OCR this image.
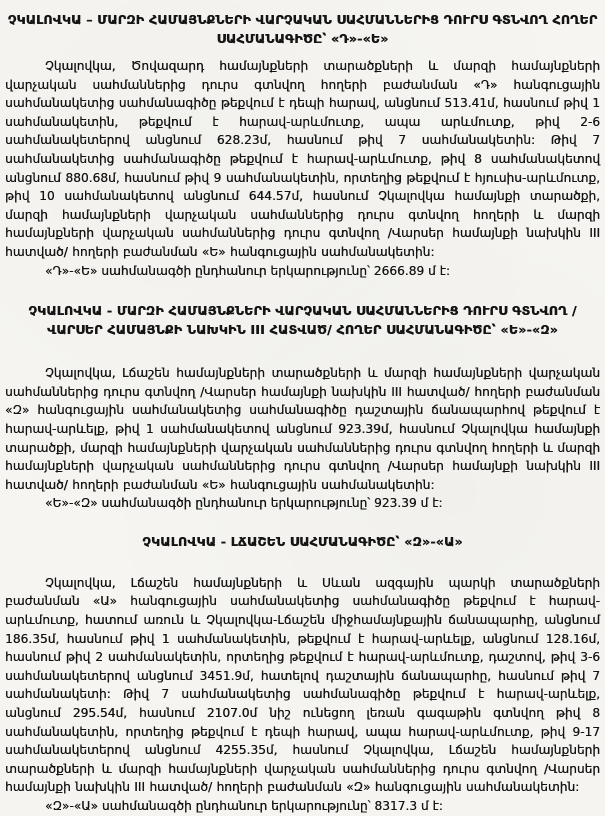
ՉԿԱԼՈՎԿԱ – ՄԱՐԶԻ ՀԱՄԱՅՆՔՆԵՐԻ ՎԱՐՉԱԿԱՆ ՍԱՀՄԱՆՆԵՐԻՑ ԴՈՒՐՍ ԳՏՆՎՈՂ ՀՈՂԵՐ ՍԱՀՄԱՆԱԳԻԾԸ՝ «Դ»-«Ե»

Չկալովկա, Ծովազարդ համայնքների տարածքների և մարզի համայնքների վարչական սահմաններից դուրս գտնվող հողերի բաժանման «Դ» հանգուցային սահմանակետից սահմանագիծը թեքվում է դեպի հարավ, անցնում 513.41մ, հասնում թիվ 1 սահմանակետին, թեքվում է հարավ-արևմուտք, ապա արևմուտք, թիվ 2-6 սահմանակետերով անցնում 628.23մ, հասնում թիվ 7 սահմանակետին: Թիվ 7 սահմանակետից սահմանագիծը թեքվում է հարավ-արևմուտք, թիվ 8 սահմանակետով անցնում 880.68մ, հասնում թիվ 9 սահմանակետին, որտեղից թեքվում է հյուսիս-արևմուտք, թիվ 10 սահմանակետով անցնում 644.57մ, հասնում Չկալովկա համայնքի տարածքի, մարզի համայնքների վարչական սահմաններից դուրս գտնվող հողերի և մարզի համայնքների վարչական սահմաններից դուրս գտնվող /Վարսեր համայնքի նախկին III հատված/ հողերի բաժանման «Ե» հանգուցային սահմանակետին:

«Դ»-«Ե» սահմանագծի ընդհանուր երկարությունը՝ 2666.89 մ է:

ՉԿԱԼՈՎԿԱ - ՄԱՐԶԻ ՀԱՄԱՅՆՔՆԵՐԻ ՎԱՐՉԱԿԱՆ ՍԱՀՄԱՆՆԵՐԻՑ ԴՈՒՐՍ ԳՏՆՎՈՂ /ՎԱՐՍԵՐ ՀԱՄԱՅՆՔԻ ՆԱԽԿԻՆ III ՀԱՏՎԱԾ/ ՀՈՂԵՐ ՍԱՀՄԱՆԱԳԻԾԸ՝ «Ե»-«Զ»

Չկալովկա, Լճաշեն համայնքների տարածքների և մարզի համայնքների վարչական սահմաններից դուրս գտնվող /Վարսեր համայնքի նախկին III հատված/ հողերի բաժանման «Զ» հանգուցային սահմանակետից սահմանագիծը դաշտային ճանապարհով թեքվում է հարավ-արևելք, թիվ 1 սահմանակետով անցնում 923.39մ, հասնում Չկալովկա համայնքի տարածքի, մարզի համայնքների վարչական սահմաններից դուրս գտնվող հողերի և մարզի համայնքների վարչական սահմաններից դուրս գտնվող /Վարսեր համայնքի նախկին III հատված/ հողերի բաժանման «Ե» հանգուցային սահմանակետին:

«Ե»-«Զ» սահմանագծի ընդհանուր երկարությունը՝ 923.39 մ է:

ՉԿԱԼՈՎԿԱ - ԼՃԱՇԵՆ ՍԱՀՄԱՆԱԳԻԾԸ՝ «Զ»-«Ա»

Չկալովկա, Լճաշեն համայնքների և Սևան ազգային պարկի տարածքների բաժանման «Ա» հանգուցային սահմանակետից սահմանագիծը թեքվում է հարավ-արևմուտք, հատում առուն և Չկալովկա-Լճաշեն միջհամայնքային ճանապարհը, անցնում 186.35մ, հասնում թիվ 1 սահմանակետին, թեքվում է հարավ-արևելք, անցնում 128.16մ, հասնում թիվ 2 սահմանակետին, որտեղից թեքվում է հարավ-արևմուտք, դաշտով, թիվ 3-6 սահմանակետերով անցնում 3451.9մ, հատելով դաշտային ճանապարհը, հասնում թիվ 7 սահմանակետի: Թիվ 7 սահմանակետից սահմանագիծը թեքվում է հարավ-արևելք, անցնում 295.54մ, հասնում 2107.0մ նիշ ունեցող լեռան գագաթին գտնվող թիվ 8 սահմանակետին, որտեղից թեքվում է դեպի հարավ, ապա հարավ-արևմուտք, թիվ 9-17 սահմանակետերով անցնում 4255.35մ, հասնում Չկալովկա, Լճաշեն համայնքների տարածքների և մարզի համայնքների վարչական սահմաններից դուրս գտնվող /Վարսեր համայնքի նախկին III հատված/ հողերի բաժանման «Զ» հանգուցային սահմանակետին:

«Զ»-«Ա» սահմանագծի ընդհանուր երկարությունը՝ 8317.3 մ է:
